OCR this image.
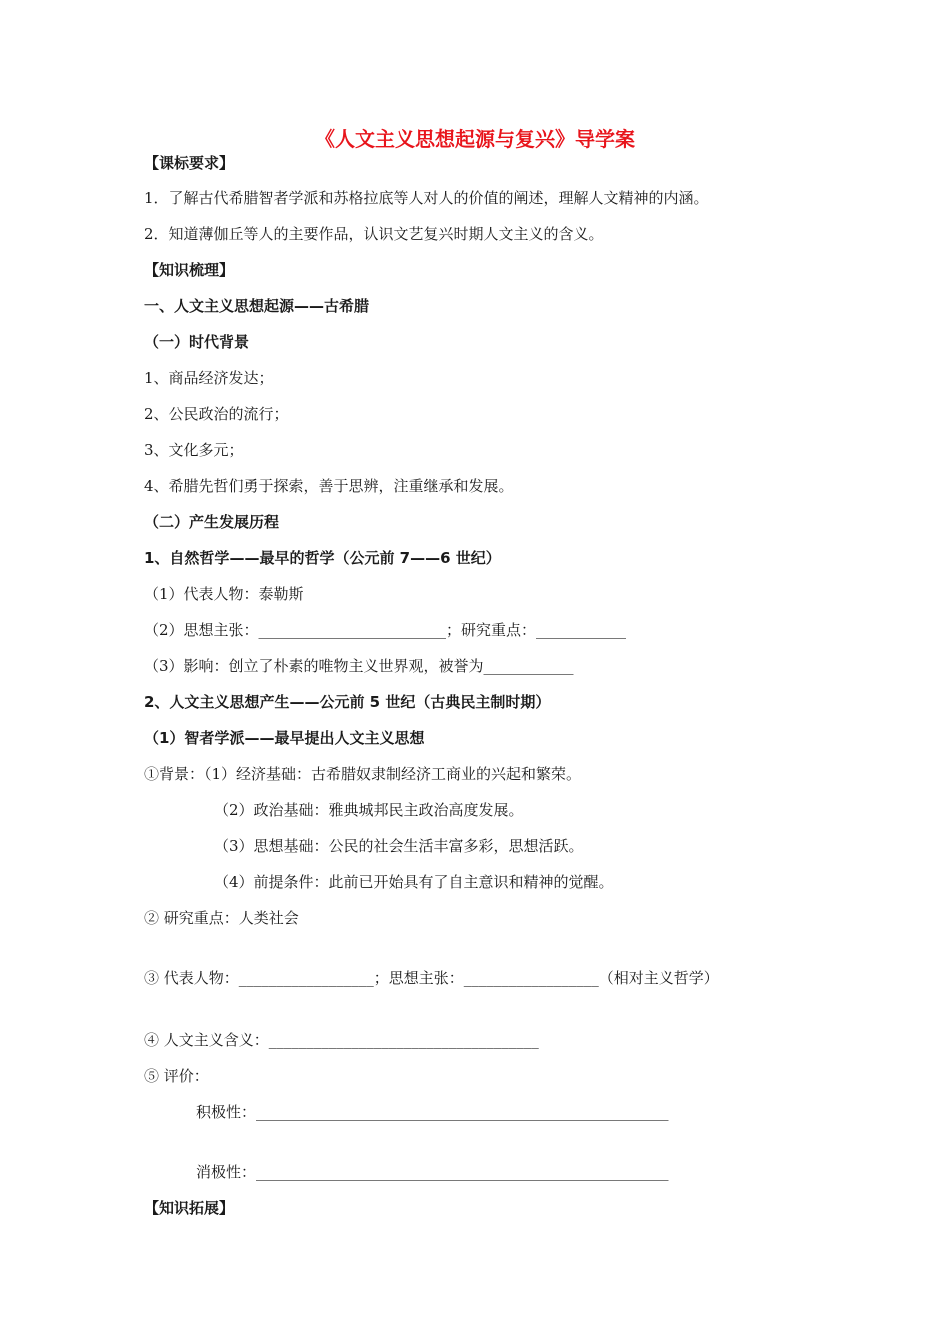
《人文主义思想起源与复兴》导学案
【课标要求】
1．了解古代希腊智者学派和苏格拉底等人对人的价值的阐述，理解人文精神的内涵。
2．知道薄伽丘等人的主要作品，认识文艺复兴时期人文主义的含义。
【知识梳理】
一、人文主义思想起源——古希腊
（一）时代背景
1、商品经济发达；
2、公民政治的流行；
3、文化多元；
4、希腊先哲们勇于探索，善于思辨，注重继承和发展。
（二）产生发展历程
1、自然哲学——最早的哲学（公元前 7——6 世纪）
（1）代表人物：泰勒斯
（2）思想主张：_________________________；研究重点：____________
（3）影响：创立了朴素的唯物主义世界观，被誉为____________
2、人文主义思想产生——公元前 5 世纪（古典民主制时期）
（1）智者学派——最早提出人文主义思想
①背景：（1）经济基础：古希腊奴隶制经济工商业的兴起和繁荣。
（2）政治基础：雅典城邦民主政治高度发展。
（3）思想基础：公民的社会生活丰富多彩，思想活跃。
（4）前提条件：此前已开始具有了自主意识和精神的觉醒。
② 研究重点：人类社会
③ 代表人物：__________________；思想主张：__________________（相对主义哲学）
④ 人文主义含义：____________________________________
⑤ 评价：
积极性：_______________________________________________________
消极性：_______________________________________________________
【知识拓展】
